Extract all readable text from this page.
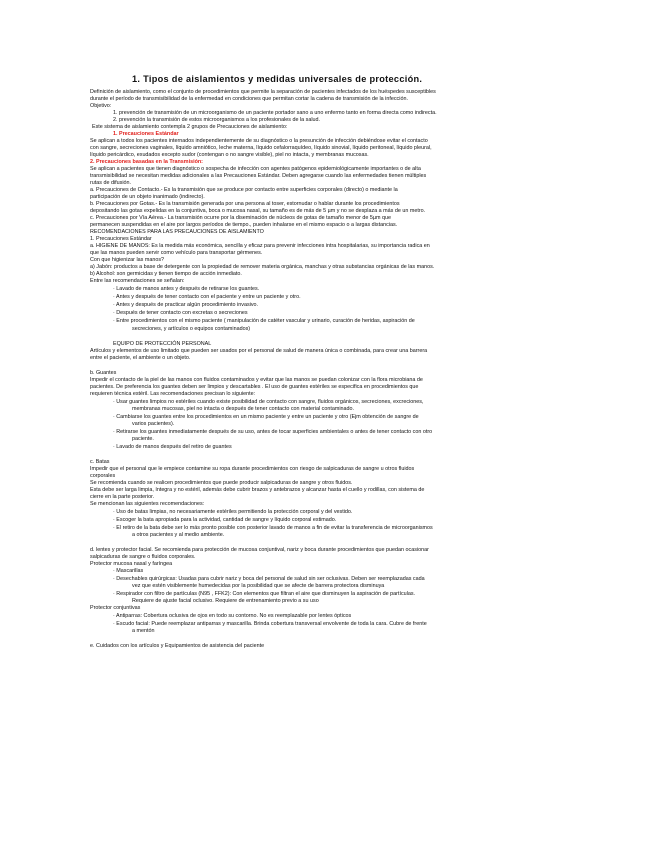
1. Tipos de aislamientos y medidas universales de protección.
Definición de aislamiento, como el conjunto de procedimientos que permite la separación de pacientes infectados de los huéspedes susceptibles
durante el período de transmisibilidad de la enfermedad en condiciones que permitan cortar la cadena de transmisión de la infección.
Objetivo:
1. prevención de transmisión de un microorganismo de un paciente portador sano a uno enfermo tanto en forma directa como indirecta.
2. prevención la transmisión de estos microorganismos a los profesionales de la salud.
Este sistema de aislamiento contempla 2 grupos de Precauciones de aislamiento:
1. Precauciones Estándar
Se aplican a todos los pacientes internados independientemente de su diagnóstico o la presunción de infección debiéndose evitar el contacto
con sangre, secreciones vaginales, líquido amniótico, leche materna, líquido cefalorraquídeo, líquido sinovial, líquido peritoneal, líquido pleural,
líquido pericárdico, exudados excepto sudor (contengan o no sangre visible), piel no intacta, y membranas mucosas.
2. Precauciones basadas en la Transmisión:
Se aplican a pacientes que tienen diagnóstico o sospecha de infección con agentes patógenos epidemiológicamente importantes o de alta
transmisibilidad se necesitan medidas adicionales a las Precauciones Estándar. Deben agregarse cuando las enfermedades tienen múltiples
rutas de difusión.
a. Precauciones de Contacto.- Es la transmisión que se produce por contacto entre superficies corporales (directo) o mediante la
participación de un objeto inanimado (indirecto).
b. Precauciones por Gotas.- Es la transmisión generada por una persona al toser, estornudar o hablar durante los procedimientos
depositando las gotas expelidas en la conjuntiva, boca o mucosa nasal, su tamaño es de más de 5 µm y no se desplaza a más de un metro.
c. Precauciones por Vía Aérea.- La transmisión ocurre por la diseminación de núcleos de gotas de tamaño menor de 5µm que
permanecen suspendidas en el aire por largos períodos de tiempo., pueden inhalarse en el mismo espacio o a largas distancias.
RECOMENDACIONES PARA LAS PRECAUCIONES DE AISLAMIENTO
1. Precauciones Estándar
a. HIGIENE DE MANOS: Es la medida más económica, sencilla y eficaz para prevenir infecciones intra hospitalarias, su importancia radica en
que las manos pueden servir como vehículo para transportar gérmenes.
Con que higienizar las manos?
a) Jabón: productos a base de detergente con la propiedad de remover materia orgánica, manchas y otras substancias orgánicas de las manos.
b) Alcohol: son germicidas y tienen tiempo de acción inmediato.
Entre las recomendaciones se señalan:
· Lavado de manos antes y después de retirarse los guantes.
· Antes y después de tener contacto con el paciente y entre un paciente y otro.
· Antes y después de practicar algún procedimiento invasivo.
· Después de tener contacto con excretas o secreciones
· Entre procedimientos con el mismo paciente ( manipulación de catéter vascular y urinario, curación de heridas, aspiración de
secreciones, y artículos o equipos contaminados)
EQUIPO DE PROTECCIÓN PERSONAL
Artículos y elementos de uso limitado que pueden ser usados por el personal de salud de manera única o combinada, para crear una barrera
entre el paciente, el ambiente o un objeto.
b. Guantes
Impedir el contacto de la piel de las manos con fluidos contaminados y evitar que las manos se puedan colonizar con la flora microbiana de
pacientes. De preferencia los guantes deben ser limpios y descartables . El uso de guantes estériles se especifica en procedimientos que
requieren técnica estéril. Las recomendaciones precisan lo siguiente:
· Usar guantes limpios no estériles cuando existe posibilidad de contacto con sangre, fluidos orgánicos, secreciones, excreciones,
membranas mucosas, piel no intacta o después de tener contacto con material contaminado.
· Cambiarse los guantes entre los procedimientos en un mismo paciente y entre un paciente y otro (Ejm obtención de sangre de
varios pacientes).
· Retirarse los guantes inmediatamente después de su uso, antes de tocar superficies ambientales o antes de tener contacto con otro
paciente.
· Lavado de manos después del retiro de guantes
c. Batas
Impedir que el personal que le empiece contamine su ropa durante procedimientos con riesgo de salpicaduras de sangre u otros fluidos
corporales
Se recomienda cuando se realicen procedimientos que puede producir salpicaduras de sangre y otros fluidos.
Esta debe ser larga limpia, íntegra y no estéril, además debe cubrir brazos y antebrazos y alcanzar hasta el cuello y rodillas, con sistema de
cierre en la parte posterior.
Se mencionan las siguientes recomendaciones:
· Uso de batas limpias, no necesariamente estériles permitiendo la protección corporal y del vestido.
· Escoger la bata apropiada para la actividad, cantidad de sangre y líquido corporal estimado.
· El retiro de la bata debe ser lo más pronto posible con posterior lavado de manos a fin de evitar la transferencia de microorganismos
a otros pacientes y al medio ambiente.
d. lentes y protector facial. Se recomienda para protección de mucosa conjuntival, nariz y boca durante procedimientos que puedan ocasionar
salpicaduras de sangre o fluidos corporales.
Protector mucosa nasal y faríngea
· Mascarillas
· Desechables quirúrgicas: Usadas para cubrir nariz y boca del personal de salud sin ser oclusivas. Deben ser reemplazadas cada
vez que estén visiblemente humedecidas por la posibilidad que se afecte de barrera protectora disminuya
· Respirador con filtro de partículas (N95 , FFK2): Con elementos que filtran el aire que disminuyen la aspiración de partículas.
Requiere de ajuste facial oclusivo. Requiere de entrenamiento previo a su uso
Protector conjuntivas
· Antiparras: Cobertura oclusiva de ojos en todo su contorno. No es reemplazable por lentes ópticos
· Escudo facial: Puede reemplazar antiparras y mascarilla. Brinda cobertura transversal envolvente de toda la cara. Cubre de frente
a mentón
e. Cuidados con los artículos y Equipamientos de asistencia del paciente
